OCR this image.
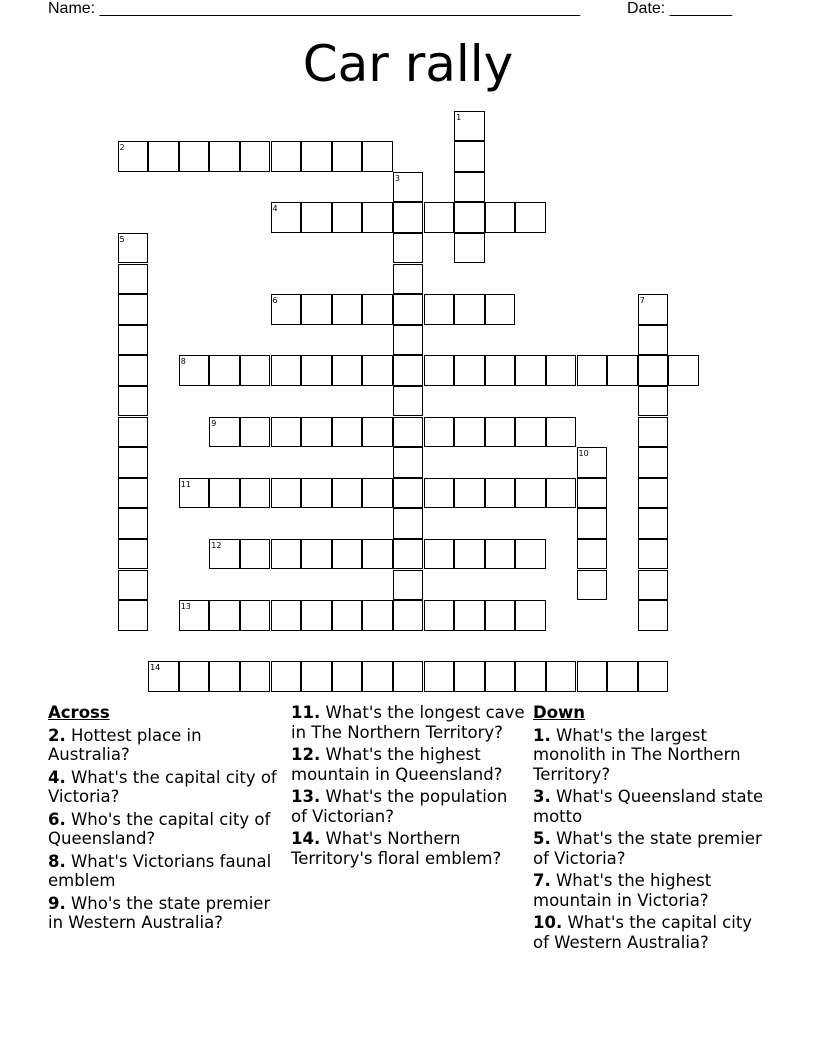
Name: ______________________________________________________	Date: _______
Car rally
1
2
3
4
5
6	7
8
9
10
11
12
13
14
Across
2. Hottest place in Australia?
4. What's the capital city of Victoria?
6. Who's the capital city of Queensland?
8. What's Victorians faunal emblem
9. Who's the state premier in Western Australia?
11. What's the longest cave in The Northern Territory?
12. What's the highest mountain in Queensland?
13. What's the population of Victorian?
14. What's Northern Territory's floral emblem?
Down
1. What's the largest monolith in The Northern Territory?
3. What's Queensland state motto
5. What's the state premier of Victoria?
7. What's the highest mountain in Victoria?
10. What's the capital city of Western Australia?
